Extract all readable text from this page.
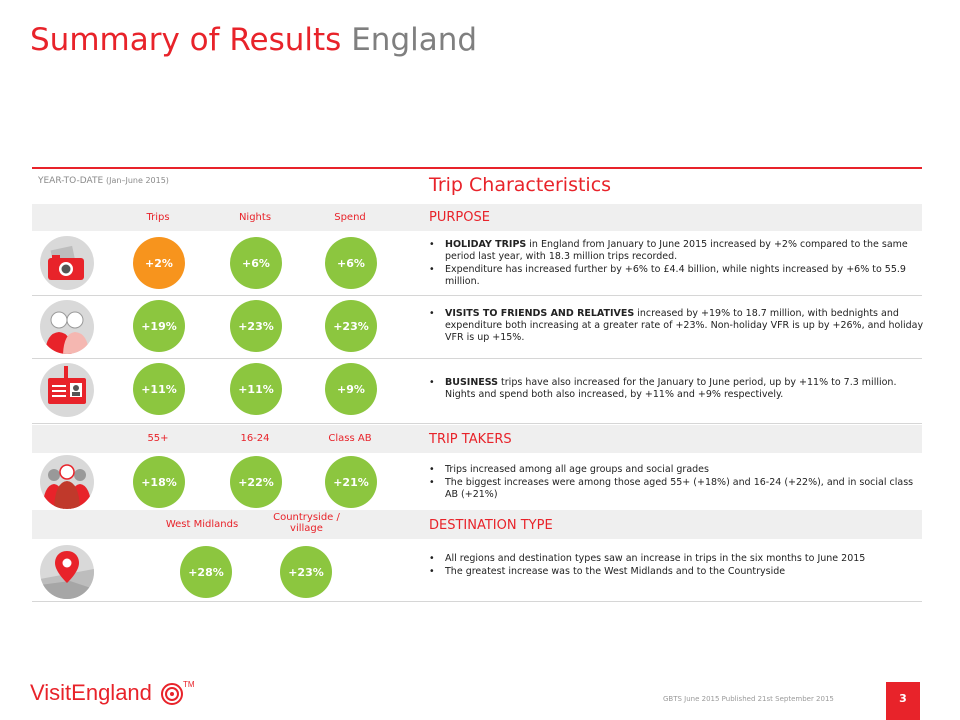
Summary of Results England
YEAR-TO-DATE (Jan–June 2015)	Trip Characteristics
Trips	Nights	Spend	PURPOSE
+2%	+6%	+6%
• HOLIDAY TRIPS in England from January to June 2015 increased by +2% compared to the same period last year, with 18.3 million trips recorded.
• Expenditure has increased further by +6% to £4.4 billion, while nights increased by +6% to 55.9 million.
+19%	+23%	+23%
• VISITS TO FRIENDS AND RELATIVES increased by +19% to 18.7 million, with bednights and expenditure both increasing at a greater rate of +23%. Non-holiday VFR is up by +26%, and holiday VFR is up +15%.
+11%	+11%	+9%
•	BUSINESS trips have also increased for the January to June period, up by +11% to 7.3 million. Nights and spend both also increased, by +11% and +9% respectively.
55+	16-24	Class AB	TRIP TAKERS
+18%	+22%	+21%
• Trips increased among all age groups and social grades
• The biggest increases were among those aged 55+ (+18%) and 16-24 (+22%), and in social class AB (+21%)
West Midlands
Countryside / village	DESTINATION TYPE
+28%	+23%
• All regions and destination types saw an increase in trips in the six months to June 2015
• The greatest increase was to the West Midlands and to the Countryside
VisitEngland	™
GBTS June 2015 Published 21st September 2015	3
